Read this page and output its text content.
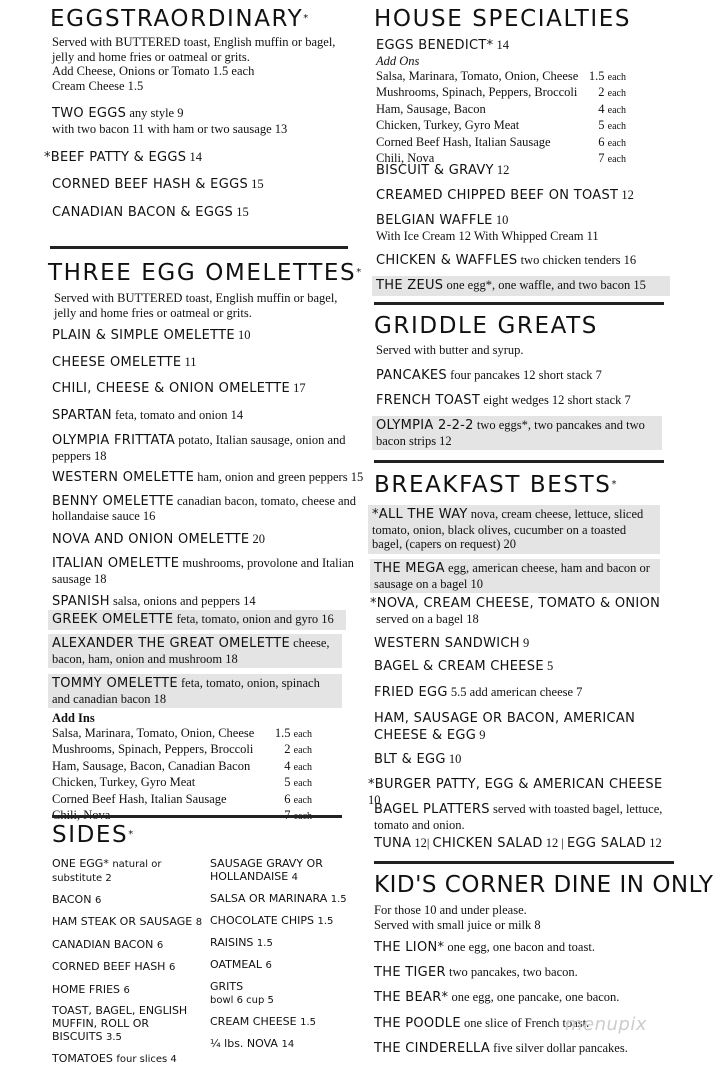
EGGSTRAORDINARY*
Served with BUTTERED toast, English muffin or bagel,
jelly and home fries or oatmeal or grits.
Add Cheese, Onions or Tomato 1.5 each
Cream Cheese 1.5
TWO EGGS any style 9
with two bacon 11 with ham or two sausage 13
*BEEF PATTY & EGGS 14
CORNED BEEF HASH & EGGS 15
CANADIAN BACON & EGGS 15
THREE EGG OMELETTES*
Served with BUTTERED toast, English muffin or bagel,
jelly and home fries or oatmeal or grits.
PLAIN & SIMPLE OMELETTE 10
CHEESE OMELETTE 11
CHILI, CHEESE & ONION OMELETTE 17
SPARTAN feta, tomato and onion 14
OLYMPIA FRITTATA potato, Italian sausage, onion and peppers 18
WESTERN OMELETTE ham, onion and green peppers 15
BENNY OMELETTE canadian bacon, tomato, cheese and hollandaise sauce 16
NOVA AND ONION OMELETTE 20
ITALIAN OMELETTE mushrooms, provolone and Italian sausage 18
SPANISH salsa, onions and peppers 14
GREEK OMELETTE feta, tomato, onion and gyro 16
ALEXANDER THE GREAT OMELETTE cheese, bacon, ham, onion and mushroom 18
TOMMY OMELETTE feta, tomato, onion, spinach and canadian bacon 18
Add Ins
Salsa, Marinara, Tomato, Onion, Cheese 1.5 each
Mushrooms, Spinach, Peppers, Broccoli 2 each
Ham, Sausage, Bacon, Canadian Bacon	4 each
Chicken, Turkey, Gyro Meat	5 each
Corned Beef Hash, Italian Sausage	6 each
Chili, Nova	7 each
SIDES*
ONE EGG* natural or substitute 2
BACON 6
HAM STEAK OR SAUSAGE 8
CANADIAN BACON 6
CORNED BEEF HASH 6
HOME FRIES 6
TOAST, BAGEL, ENGLISH MUFFIN, ROLL OR BISCUITS 3.5
TOMATOES four slices 4
SAUSAGE GRAVY OR HOLLANDAISE 4
SALSA OR MARINARA 1.5
CHOCOLATE CHIPS 1.5
RAISINS 1.5
OATMEAL 6
GRITS
bowl 6 cup 5
CREAM CHEESE 1.5
¼ lbs. NOVA 14
HOUSE SPECIALTIES
EGGS BENEDICT* 14
Add Ons
Salsa, Marinara, Tomato, Onion, Cheese 1.5 each
Mushrooms, Spinach, Peppers, Broccoli 2 each
Ham, Sausage, Bacon	4 each
Chicken, Turkey, Gyro Meat	5 each
Corned Beef Hash, Italian Sausage	6 each
Chili, Nova	7 each
BISCUIT & GRAVY 12
CREAMED CHIPPED BEEF ON TOAST 12
BELGIAN WAFFLE 10
With Ice Cream 12 With Whipped Cream 11
CHICKEN & WAFFLES two chicken tenders 16
THE ZEUS one egg*, one waffle, and two bacon 15
GRIDDLE GREATS
Served with butter and syrup.
PANCAKES four pancakes 12 short stack 7
FRENCH TOAST eight wedges 12 short stack 7
OLYMPIA 2-2-2 two eggs*, two pancakes and two bacon strips 12
BREAKFAST BESTS*
*ALL THE WAY nova, cream cheese, lettuce, sliced tomato, onion, black olives, cucumber on a toasted bagel, (capers on request) 20
THE MEGA egg, american cheese, ham and bacon or sausage on a bagel 10
*NOVA, CREAM CHEESE, TOMATO & ONION
served on a bagel 18
WESTERN SANDWICH 9
BAGEL & CREAM CHEESE 5
FRIED EGG 5.5 add american cheese 7
HAM, SAUSAGE OR BACON, AMERICAN CHEESE & EGG 9
BLT & EGG 10
*BURGER PATTY, EGG & AMERICAN CHEESE 10
BAGEL PLATTERS served with toasted bagel, lettuce, tomato and onion.
TUNA 12| CHICKEN SALAD 12 | EGG SALAD 12
KID'S CORNER DINE IN ONLY
For those 10 and under please.
Served with small juice or milk 8
THE LION* one egg, one bacon and toast.
THE TIGER two pancakes, two bacon.
THE BEAR* one egg, one pancake, one bacon.
THE POODLE one slice of French toast.
THE CINDERELLA five silver dollar pancakes.
menupix
